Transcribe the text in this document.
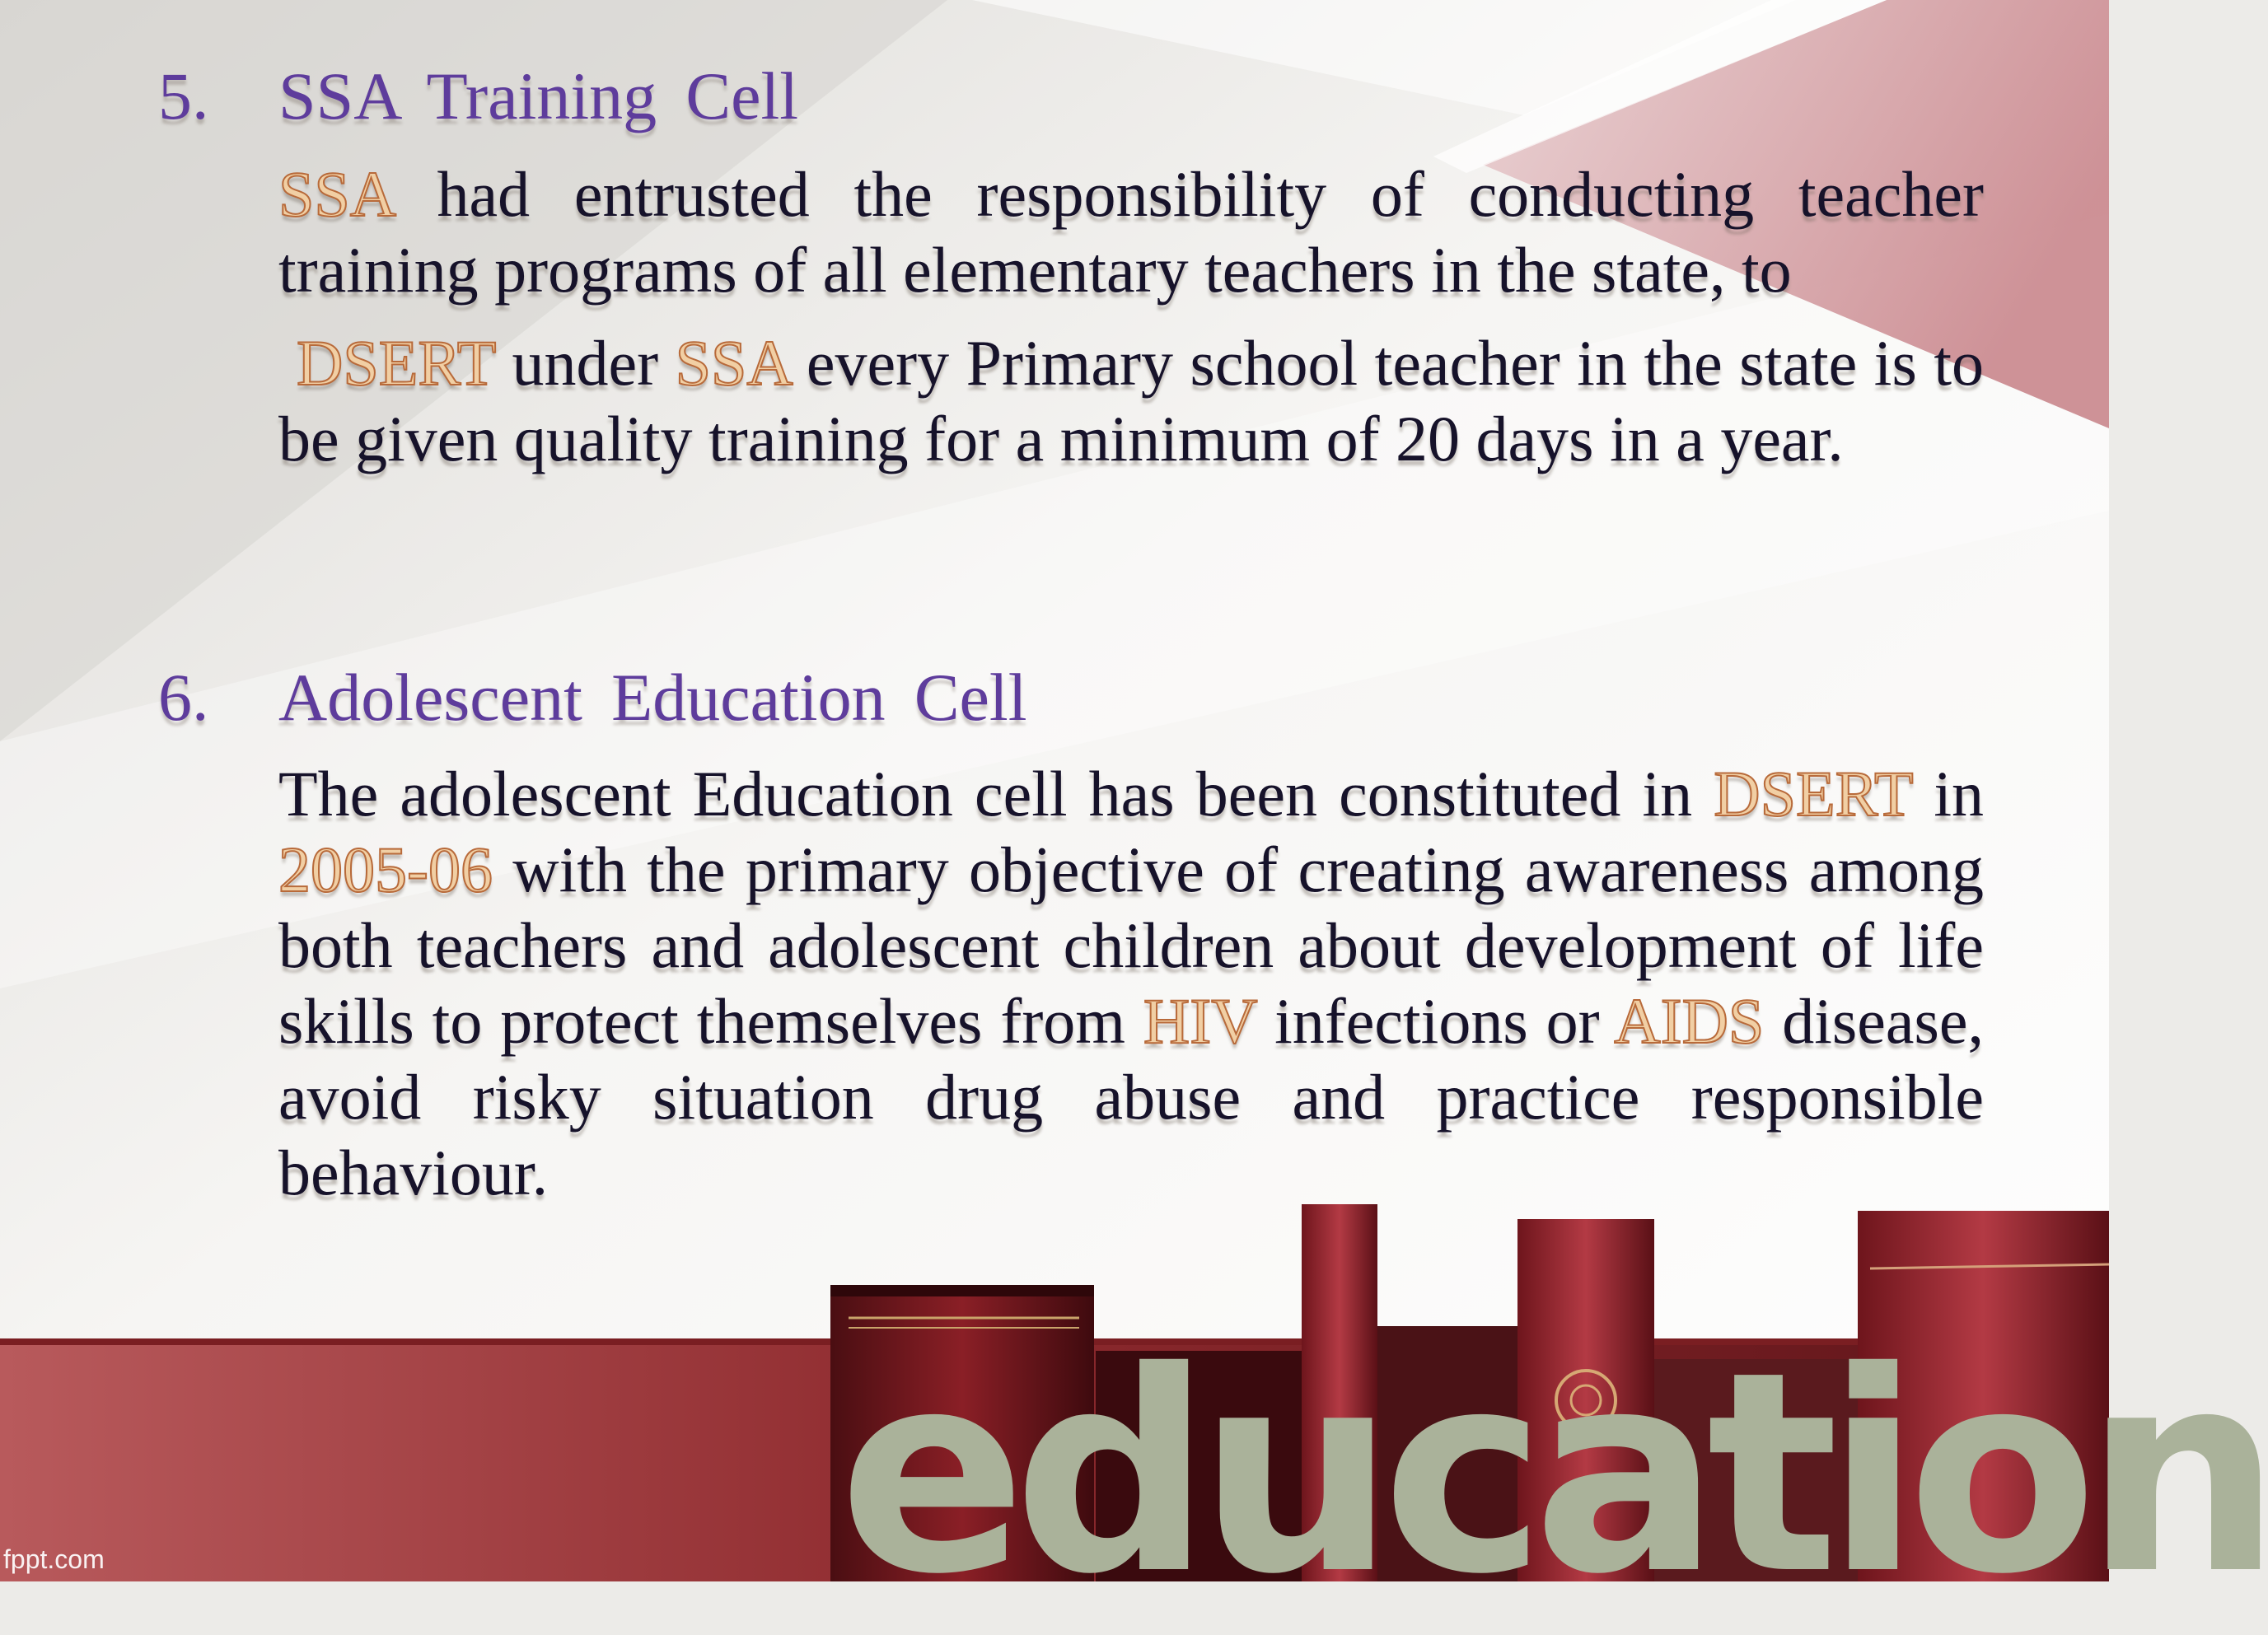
education
5. SSA Training Cell

SSA had entrusted the responsibility of conducting teacher training programs of all elementary teachers in the state, to

DSERT under SSA every Primary school teacher in the state is to be given quality training for a minimum of 20 days in a year.

6. Adolescent Education Cell

The adolescent Education cell has been constituted in DSERT in 2005-06 with the primary objective of creating awareness among both teachers and adolescent children about development of life skills to protect themselves from HIV infections or AIDS disease, avoid risky situation drug abuse and practice responsible behaviour.

fppt.com
